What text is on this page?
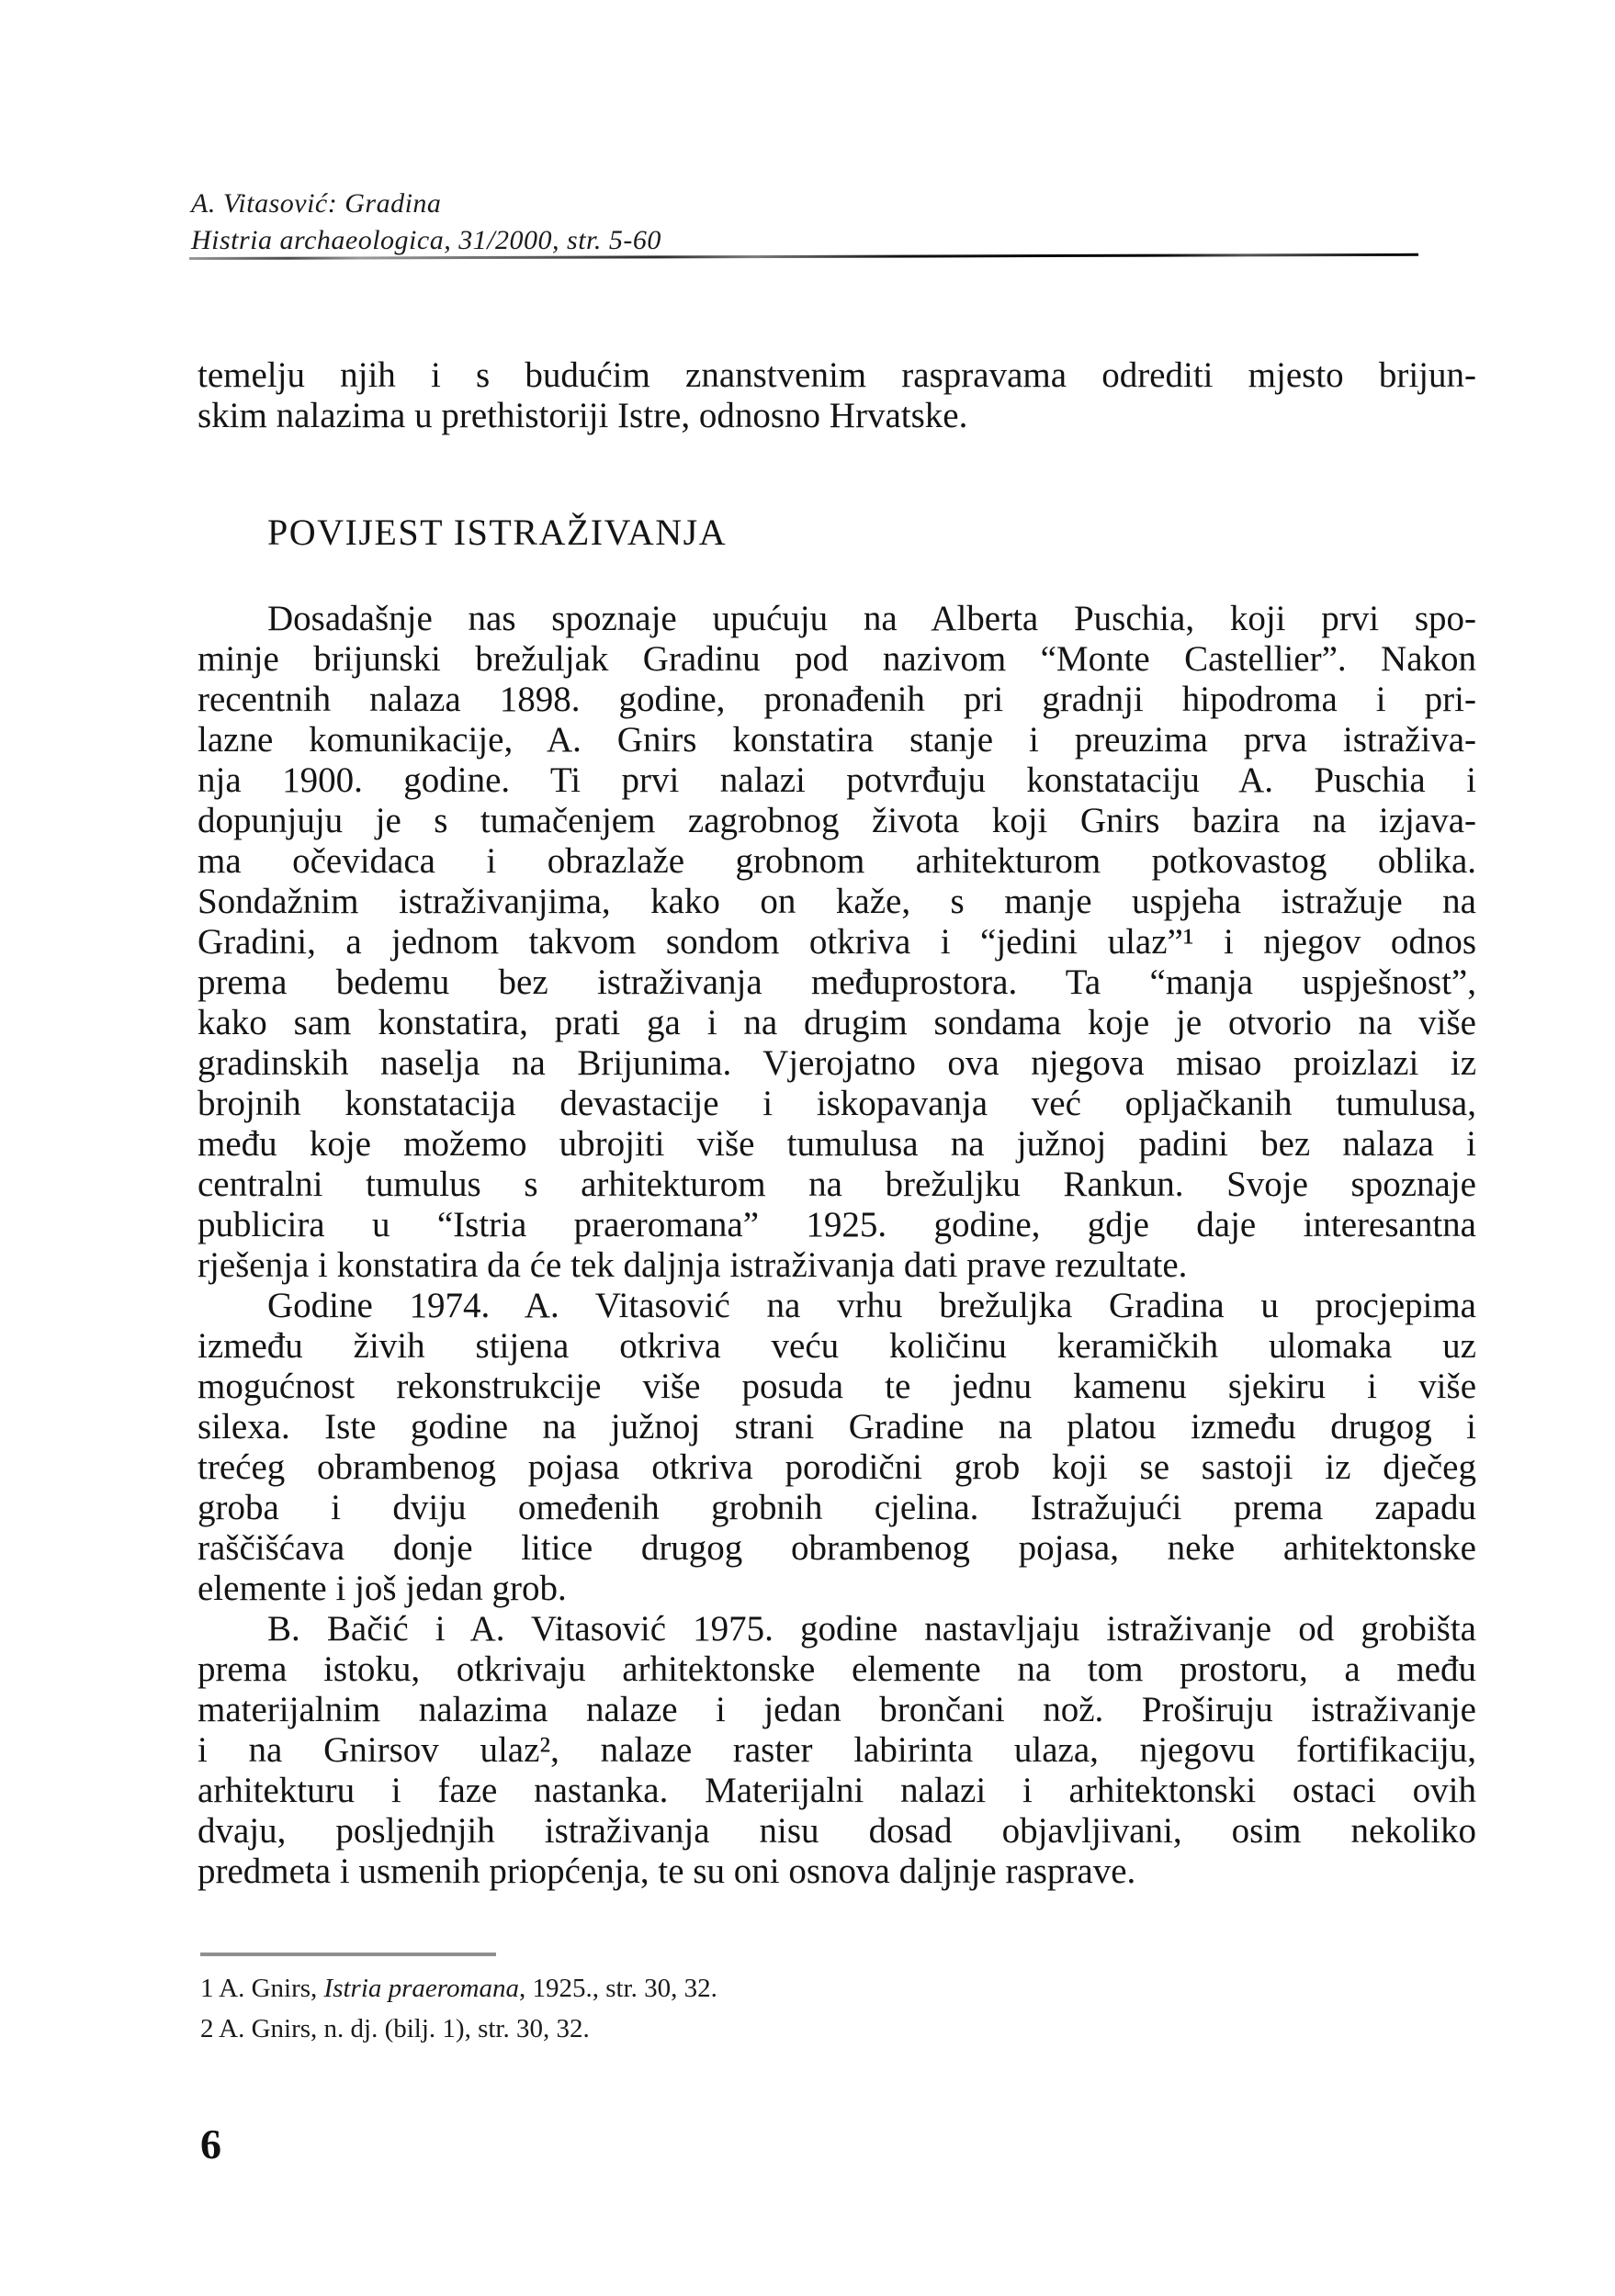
A. Vitasović: Gradina
Histria archaeologica, 31/2000, str. 5-60
temelju njih i s budućim znanstvenim raspravama odrediti mjesto brijun-
skim nalazima u prethistoriji Istre, odnosno Hrvatske.
POVIJEST ISTRAŽIVANJA
Dosadašnje nas spoznaje upućuju na Alberta Puschia, koji prvi spo-
minje brijunski brežuljak Gradinu pod nazivom “Monte Castellier”. Nakon
recentnih nalaza 1898. godine, pronađenih pri gradnji hipodroma i pri-
lazne komunikacije, A. Gnirs konstatira stanje i preuzima prva istraživa-
nja 1900. godine. Ti prvi nalazi potvrđuju konstataciju A. Puschia i
dopunjuju je s tumačenjem zagrobnog života koji Gnirs bazira na izjava-
ma očevidaca i obrazlaže grobnom arhitekturom potkovastog oblika.
Sondažnim istraživanjima, kako on kaže, s manje uspjeha istražuje na
Gradini, a jednom takvom sondom otkriva i “jedini ulaz”¹ i njegov odnos
prema bedemu bez istraživanja međuprostora. Ta “manja uspješnost”,
kako sam konstatira, prati ga i na drugim sondama koje je otvorio na više
gradinskih naselja na Brijunima. Vjerojatno ova njegova misao proizlazi iz
brojnih konstatacija devastacije i iskopavanja već opljačkanih tumulusa,
među koje možemo ubrojiti više tumulusa na južnoj padini bez nalaza i
centralni tumulus s arhitekturom na brežuljku Rankun. Svoje spoznaje
publicira u “Istria praeromana” 1925. godine, gdje daje interesantna
rješenja i konstatira da će tek daljnja istraživanja dati prave rezultate.
Godine 1974. A. Vitasović na vrhu brežuljka Gradina u procjepima
između živih stijena otkriva veću količinu keramičkih ulomaka uz
mogućnost rekonstrukcije više posuda te jednu kamenu sjekiru i više
silexa. Iste godine na južnoj strani Gradine na platou između drugog i
trećeg obrambenog pojasa otkriva porodični grob koji se sastoji iz dječeg
groba i dviju omeđenih grobnih cjelina. Istražujući prema zapadu
raščišćava donje litice drugog obrambenog pojasa, neke arhitektonske
elemente i još jedan grob.
B. Bačić i A. Vitasović 1975. godine nastavljaju istraživanje od grobišta
prema istoku, otkrivaju arhitektonske elemente na tom prostoru, a među
materijalnim nalazima nalaze i jedan brončani nož. Proširuju istraživanje
i na Gnirsov ulaz², nalaze raster labirinta ulaza, njegovu fortifikaciju,
arhitekturu i faze nastanka. Materijalni nalazi i arhitektonski ostaci ovih
dvaju, posljednjih istraživanja nisu dosad objavljivani, osim nekoliko
predmeta i usmenih priopćenja, te su oni osnova daljnje rasprave.
1 A. Gnirs, Istria praeromana, 1925., str. 30, 32.
2 A. Gnirs, n. dj. (bilj. 1), str. 30, 32.
6
